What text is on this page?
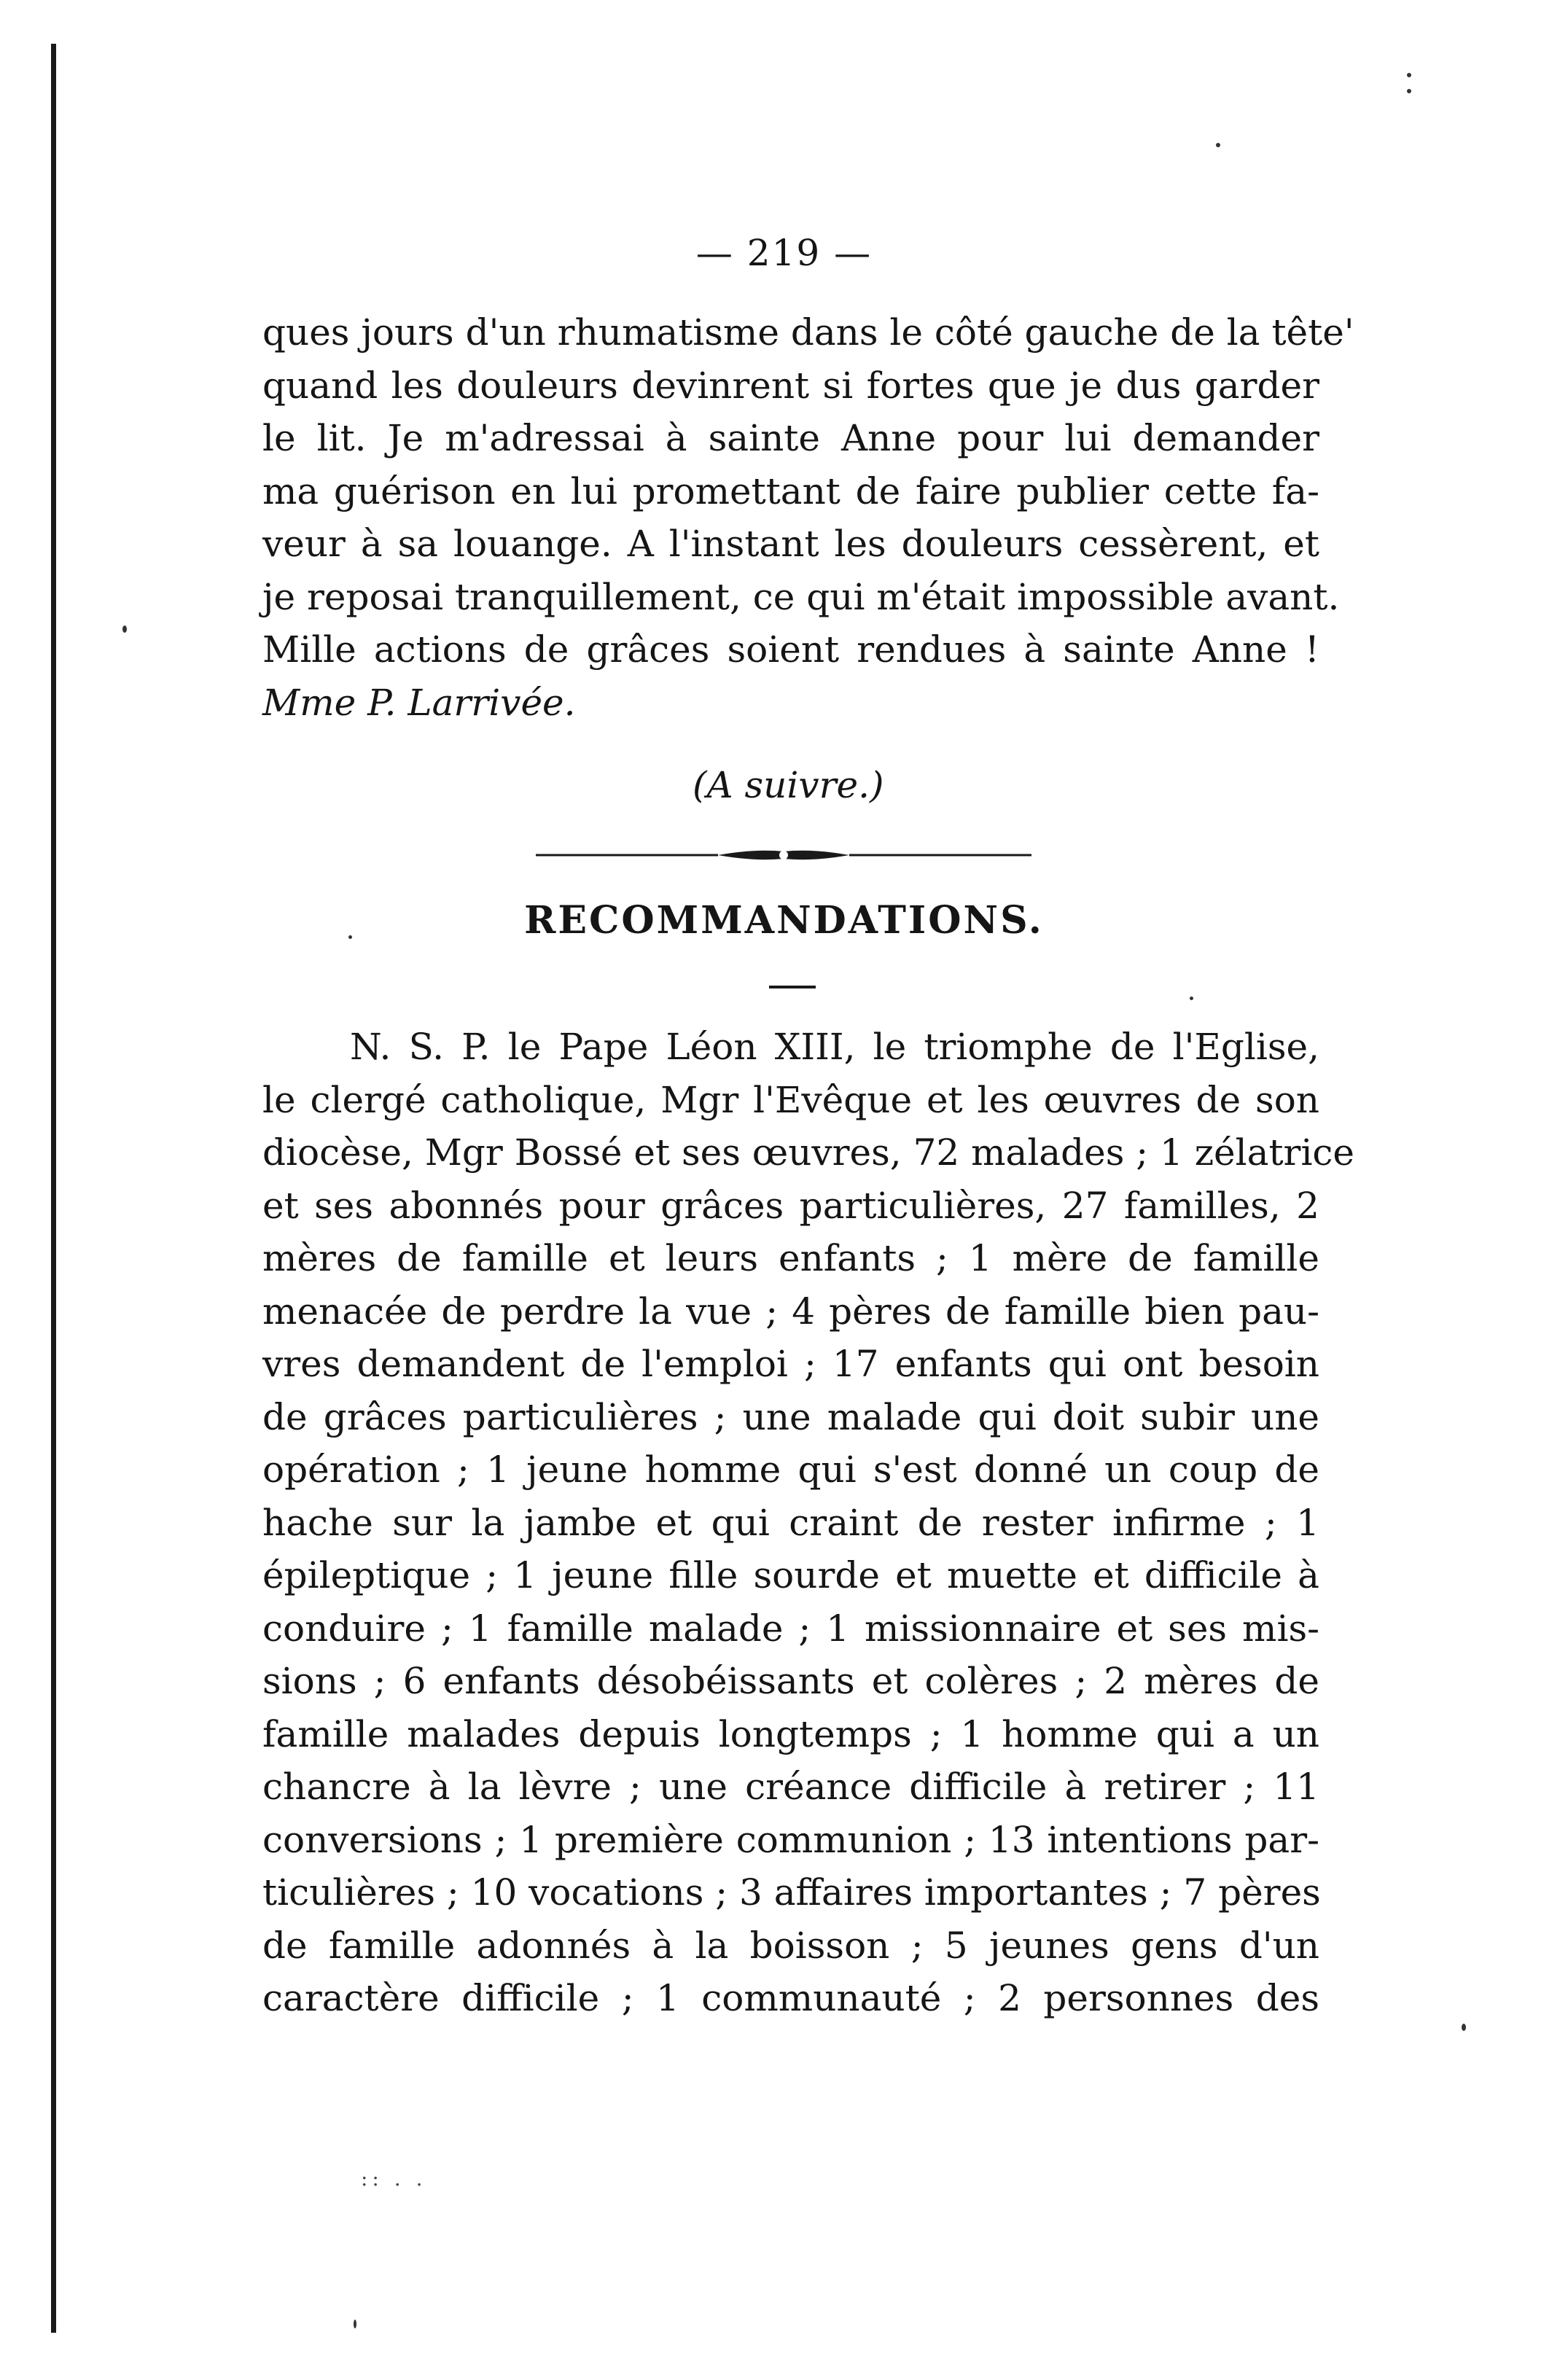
— 219 —
ques jours d'un rhumatisme dans le côté gauche de la tête'
quand les douleurs devinrent si fortes que je dus garder
le lit. Je m'adressai à sainte Anne pour lui demander
ma guérison en lui promettant de faire publier cette fa-
veur à sa louange. A l'instant les douleurs cessèrent, et
je reposai tranquillement, ce qui m'était impossible avant.
Mille actions de grâces soient rendues à sainte Anne !
Mme P. Larrivée.
(A suivre.)
RECOMMANDATIONS.
N. S. P. le Pape Léon XIII, le triomphe de l'Eglise,
le clergé catholique, Mgr l'Evêque et les œuvres de son
diocèse, Mgr Bossé et ses œuvres, 72 malades ; 1 zélatrice
et ses abonnés pour grâces particulières, 27 familles, 2
mères de famille et leurs enfants ; 1 mère de famille
menacée de perdre la vue ; 4 pères de famille bien pau-
vres demandent de l'emploi ; 17 enfants qui ont besoin
de grâces particulières ; une malade qui doit subir une
opération ; 1 jeune homme qui s'est donné un coup de
hache sur la jambe et qui craint de rester infirme ; 1
épileptique ; 1 jeune fille sourde et muette et difficile à
conduire ; 1 famille malade ; 1 missionnaire et ses mis-
sions ; 6 enfants désobéissants et colères ; 2 mères de
famille malades depuis longtemps ; 1 homme qui a un
chancre à la lèvre ; une créance difficile à retirer ; 11
conversions ; 1 première communion ; 13 intentions par-
ticulières ; 10 vocations ; 3 affaires importantes ; 7 pères
de famille adonnés à la boisson ; 5 jeunes gens d'un
caractère difficile ; 1 communauté ; 2 personnes des
:: . .
